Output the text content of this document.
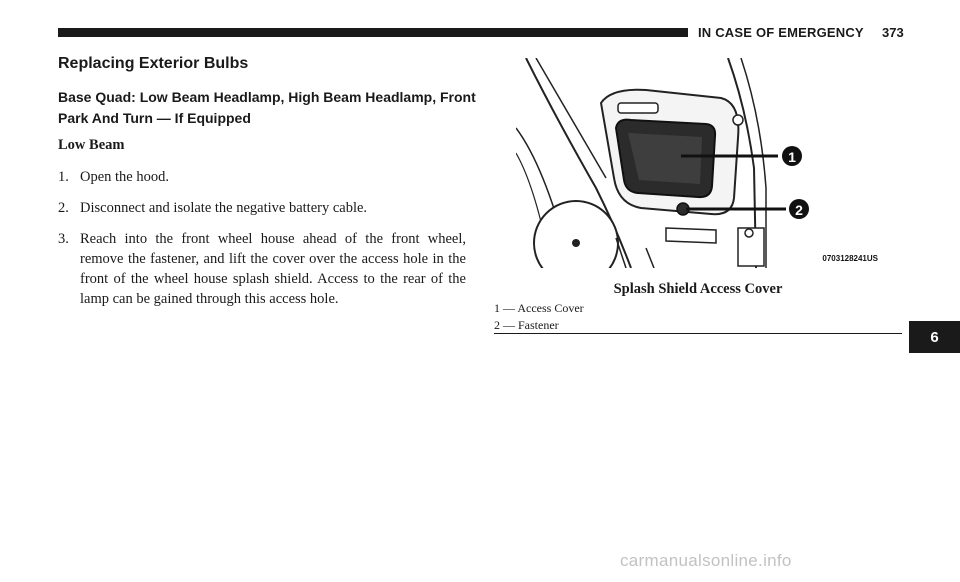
IN CASE OF EMERGENCY 373
Replacing Exterior Bulbs
Base Quad: Low Beam Headlamp, High Beam Headlamp, Front Park And Turn — If Equipped
Low Beam
1. Open the hood.
2. Disconnect and isolate the negative battery cable.
3. Reach into the front wheel house ahead of the front wheel, remove the fastener, and lift the cover over the access hole in the front of the wheel house splash shield. Access to the rear of the lamp can be gained through this access hole.
1
2
0703128241US
Splash Shield Access Cover
1 — Access Cover
2 — Fastener
6
carmanualsonline.info
